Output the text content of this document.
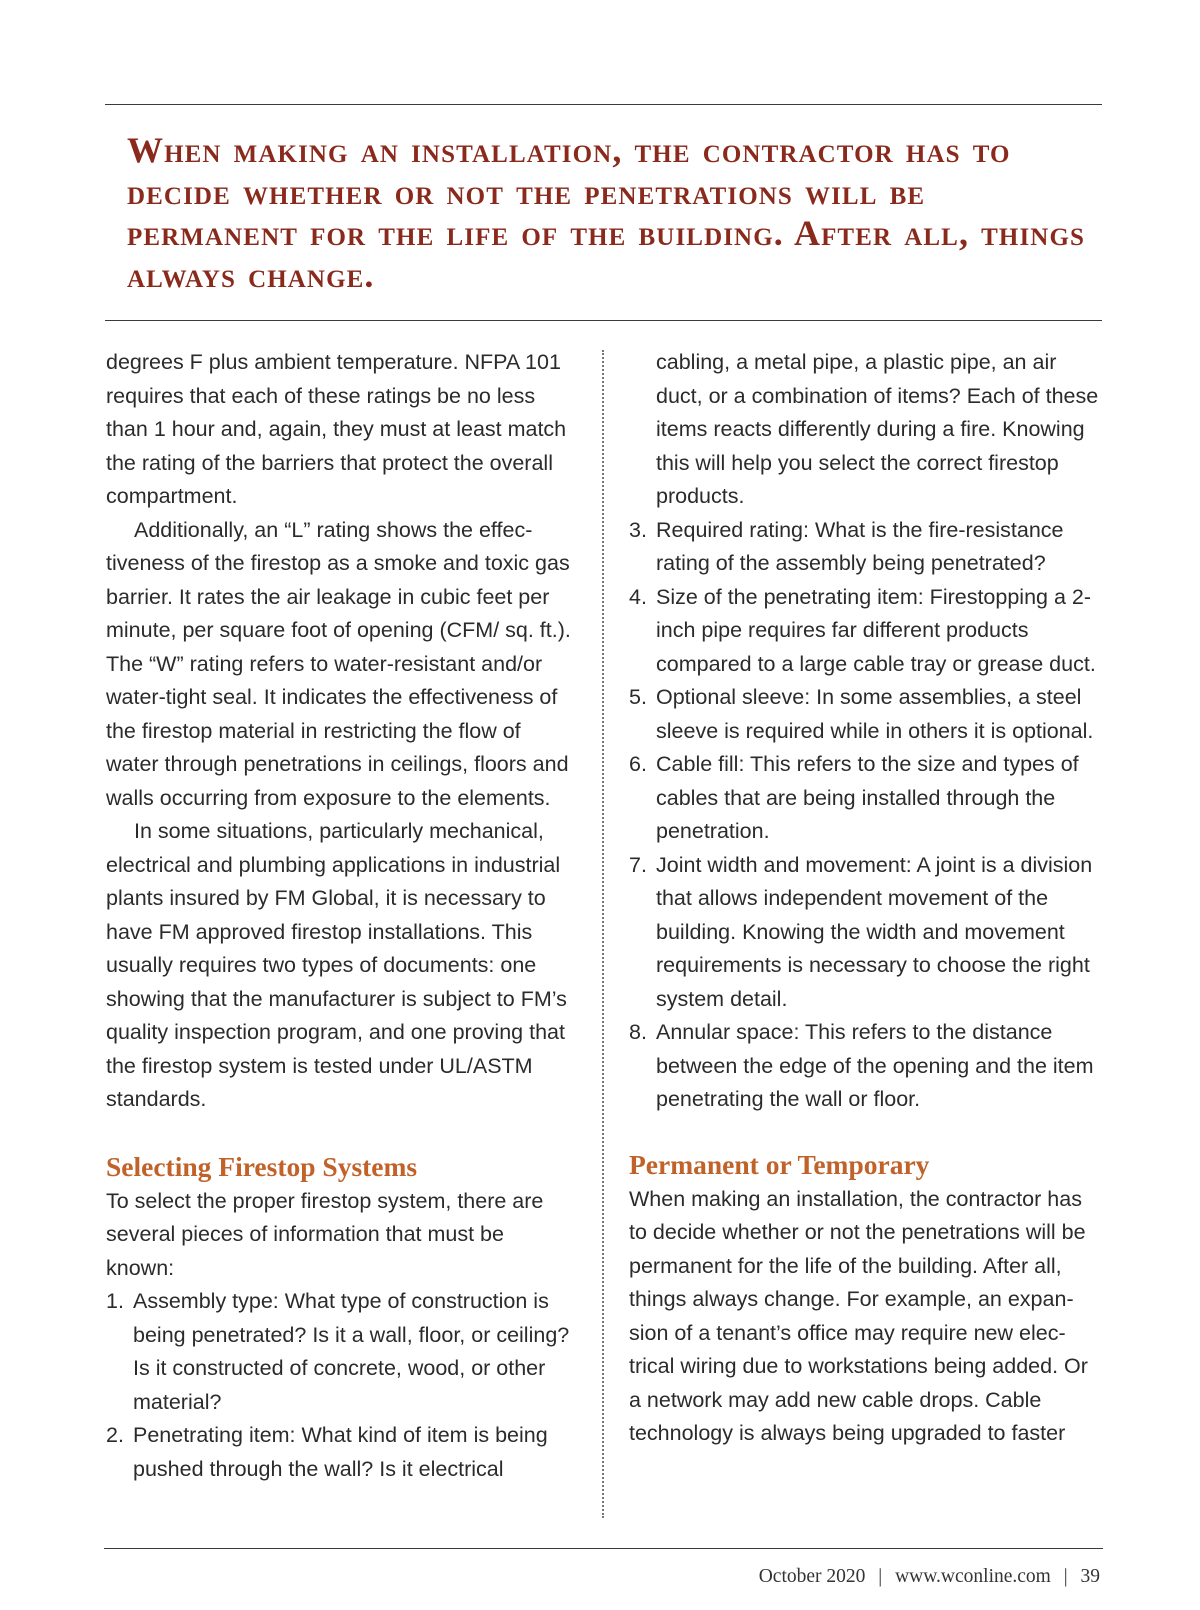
When making an installation, the contractor has to decide whether or not the penetrations will be permanent for the life of the building. After all, things always change.

degrees F plus ambient temperature. NFPA 101 requires that each of these ratings be no less than 1 hour and, again, they must at least match the rating of the barriers that protect the overall compartment.

Additionally, an “L” rating shows the effectiveness of the firestop as a smoke and toxic gas barrier. It rates the air leakage in cubic feet per minute, per square foot of opening (CFM/ sq. ft.). The “W” rating refers to water-resistant and/or water-tight seal. It indicates the effectiveness of the firestop material in restricting the flow of water through penetrations in ceilings, floors and walls occurring from exposure to the elements.

In some situations, particularly mechanical, electrical and plumbing applications in industrial plants insured by FM Global, it is necessary to have FM approved firestop installations. This usually requires two types of documents: one showing that the manufacturer is subject to FM’s quality inspection program, and one proving that the firestop system is tested under UL/ASTM standards.

Selecting Firestop Systems

To select the proper firestop system, there are several pieces of information that must be known:

1. Assembly type: What type of construction is being penetrated? Is it a wall, floor, or ceiling? Is it constructed of concrete, wood, or other material?
2. Penetrating item: What kind of item is being pushed through the wall? Is it electrical
cabling, a metal pipe, a plastic pipe, an air duct, or a combination of items? Each of these items reacts differently during a fire. Knowing this will help you select the correct firestop products.
3. Required rating: What is the fire-resistance rating of the assembly being penetrated?
4. Size of the penetrating item: Firestopping a 2-inch pipe requires far different products compared to a large cable tray or grease duct.
5. Optional sleeve: In some assemblies, a steel sleeve is required while in others it is optional.
6. Cable fill: This refers to the size and types of cables that are being installed through the penetration.
7. Joint width and movement: A joint is a division that allows independent movement of the building. Knowing the width and movement requirements is necessary to choose the right system detail.
8. Annular space: This refers to the distance between the edge of the opening and the item penetrating the wall or floor.
Permanent or Temporary

When making an installation, the contractor has to decide whether or not the penetrations will be permanent for the life of the building. After all, things always change. For example, an expansion of a tenant’s office may require new electrical wiring due to workstations being added. Or a network may add new cable drops. Cable technology is always being upgraded to faster

October 2020 | www.wconline.com | 39
